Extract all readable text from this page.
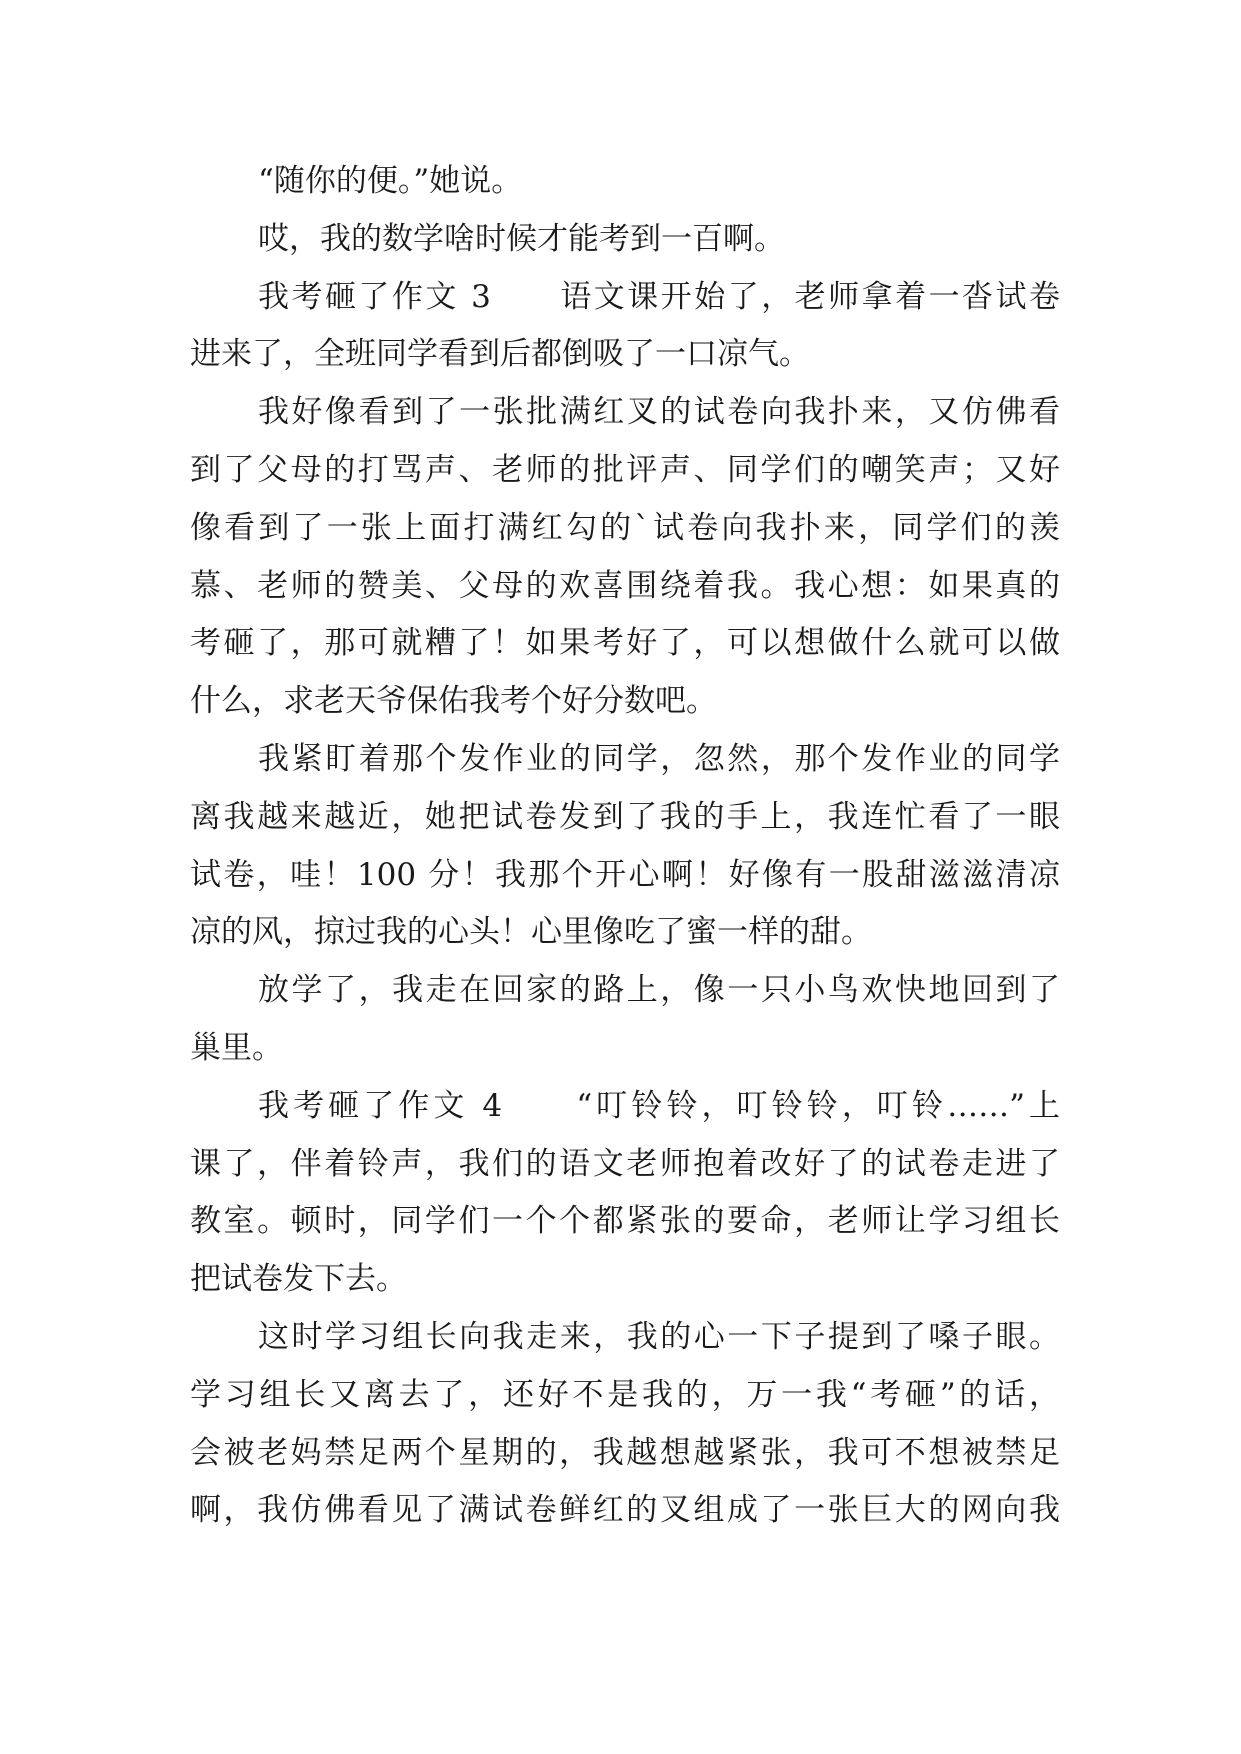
“随你的便。”她说。
哎，我的数学啥时候才能考到一百啊。
我考砸了作文 3　　语文课开始了，老师拿着一沓试卷
进来了，全班同学看到后都倒吸了一口凉气。
我好像看到了一张批满红叉的试卷向我扑来，又仿佛看
到了父母的打骂声、老师的批评声、同学们的嘲笑声；又好
像看到了一张上面打满红勾的`试卷向我扑来，同学们的羡
慕、老师的赞美、父母的欢喜围绕着我。我心想：如果真的
考砸了，那可就糟了！如果考好了，可以想做什么就可以做
什么，求老天爷保佑我考个好分数吧。
我紧盯着那个发作业的同学，忽然，那个发作业的同学
离我越来越近，她把试卷发到了我的手上，我连忙看了一眼
试卷，哇！100 分！我那个开心啊！好像有一股甜滋滋清凉
凉的风，掠过我的心头！心里像吃了蜜一样的甜。
放学了，我走在回家的路上，像一只小鸟欢快地回到了
巢里。
我考砸了作文 4　　“叮铃铃，叮铃铃，叮铃……”上
课了，伴着铃声，我们的语文老师抱着改好了的试卷走进了
教室。顿时，同学们一个个都紧张的要命，老师让学习组长
把试卷发下去。
这时学习组长向我走来，我的心一下子提到了嗓子眼。
学习组长又离去了，还好不是我的，万一我“考砸”的话，
会被老妈禁足两个星期的，我越想越紧张，我可不想被禁足
啊，我仿佛看见了满试卷鲜红的叉组成了一张巨大的网向我
